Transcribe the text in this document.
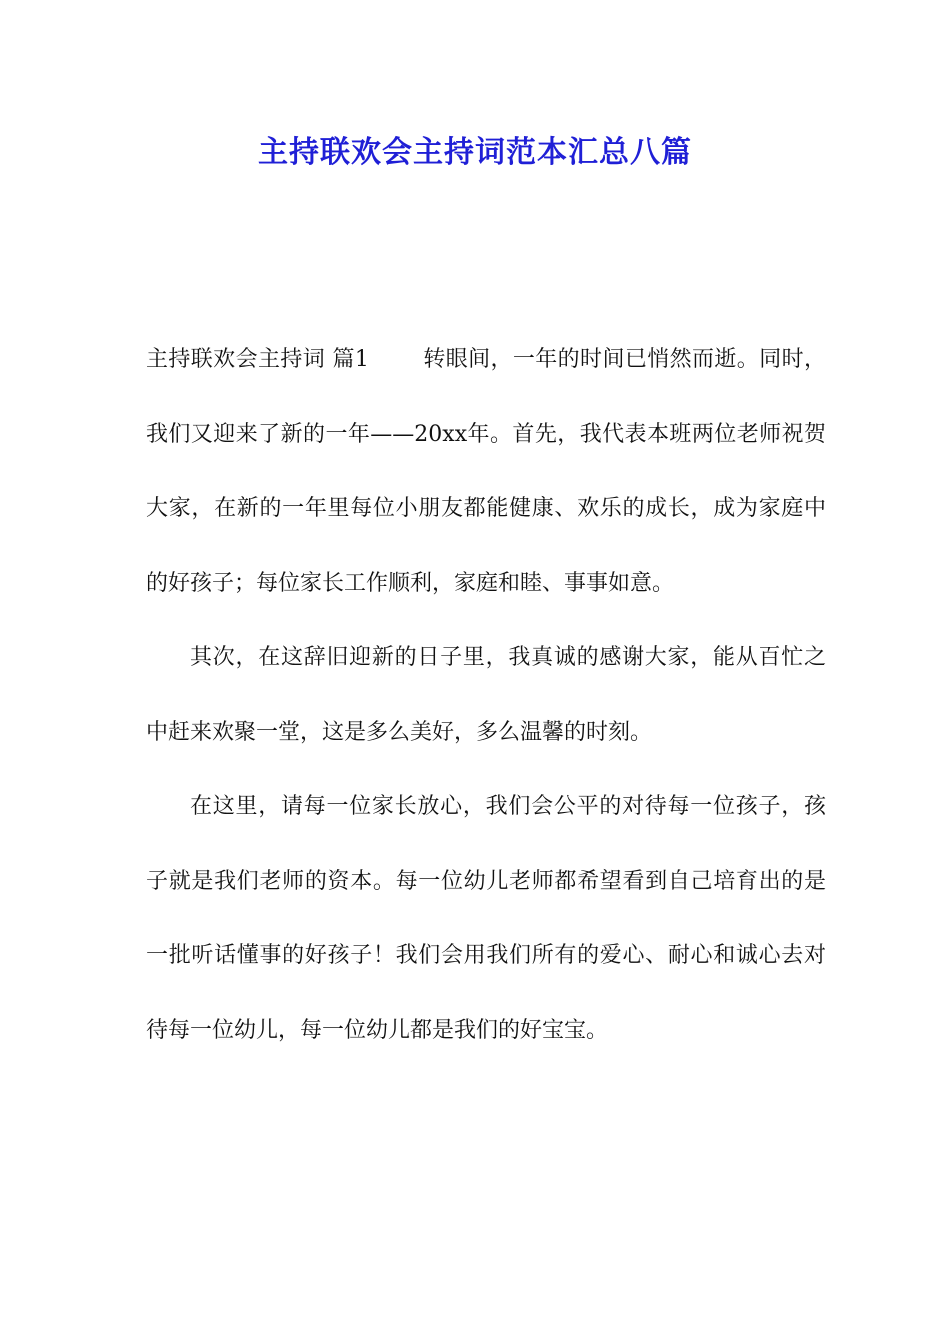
主持联欢会主持词范本汇总八篇

主持联欢会主持词 篇1 转眼间，一年的时间已悄然而逝。同时，我们又迎来了新的一年——20xx年。首先，我代表本班两位老师祝贺大家，在新的一年里每位小朋友都能健康、欢乐的成长，成为家庭中的好孩子；每位家长工作顺利，家庭和睦、事事如意。

其次，在这辞旧迎新的日子里，我真诚的感谢大家，能从百忙之中赶来欢聚一堂，这是多么美好，多么温馨的时刻。

在这里，请每一位家长放心，我们会公平的对待每一位孩子，孩子就是我们老师的资本。每一位幼儿老师都希望看到自己培育出的是一批听话懂事的好孩子！我们会用我们所有的爱心、耐心和诚心去对待每一位幼儿，每一位幼儿都是我们的好宝宝。
